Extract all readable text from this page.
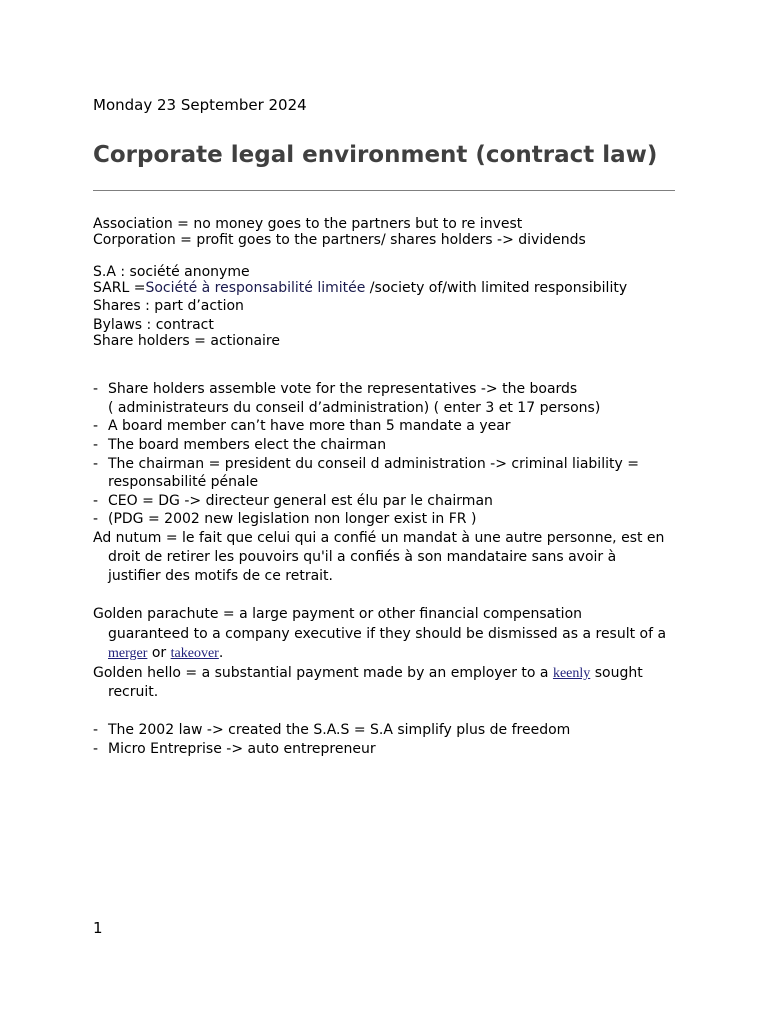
Monday 23 September 2024
Corporate legal environment (contract law)
Association = no money goes to the partners but to re invest
Corporation = profit goes to the partners/ shares holders -> dividends
S.A : société anonyme
SARL =Société à responsabilité limitée /society of/with limited responsibility
Shares : part d’action
Bylaws : contract
Share holders = actionaire
- Share holders assemble vote for the representatives -> the boards
( administrateurs du conseil d’administration) ( enter 3 et 17 persons)
- A board member can’t have more than 5 mandate a year
- The board members elect the chairman
- The chairman = president du conseil d administration -> criminal liability =
responsabilité pénale
- CEO = DG -> directeur general est élu par le chairman
- (PDG = 2002 new legislation non longer exist in FR )
Ad nutum = le fait que celui qui a confié un mandat à une autre personne, est en
droit de retirer les pouvoirs qu'il a confiés à son mandataire sans avoir à
justifier des motifs de ce retrait.
Golden parachute = a large payment or other financial compensation
guaranteed to a company executive if they should be dismissed as a result of a
merger or takeover.
Golden hello = a substantial payment made by an employer to a keenly sought
recruit.
- The 2002 law -> created the S.A.S = S.A simplify plus de freedom
- Micro Entreprise -> auto entrepreneur
1
